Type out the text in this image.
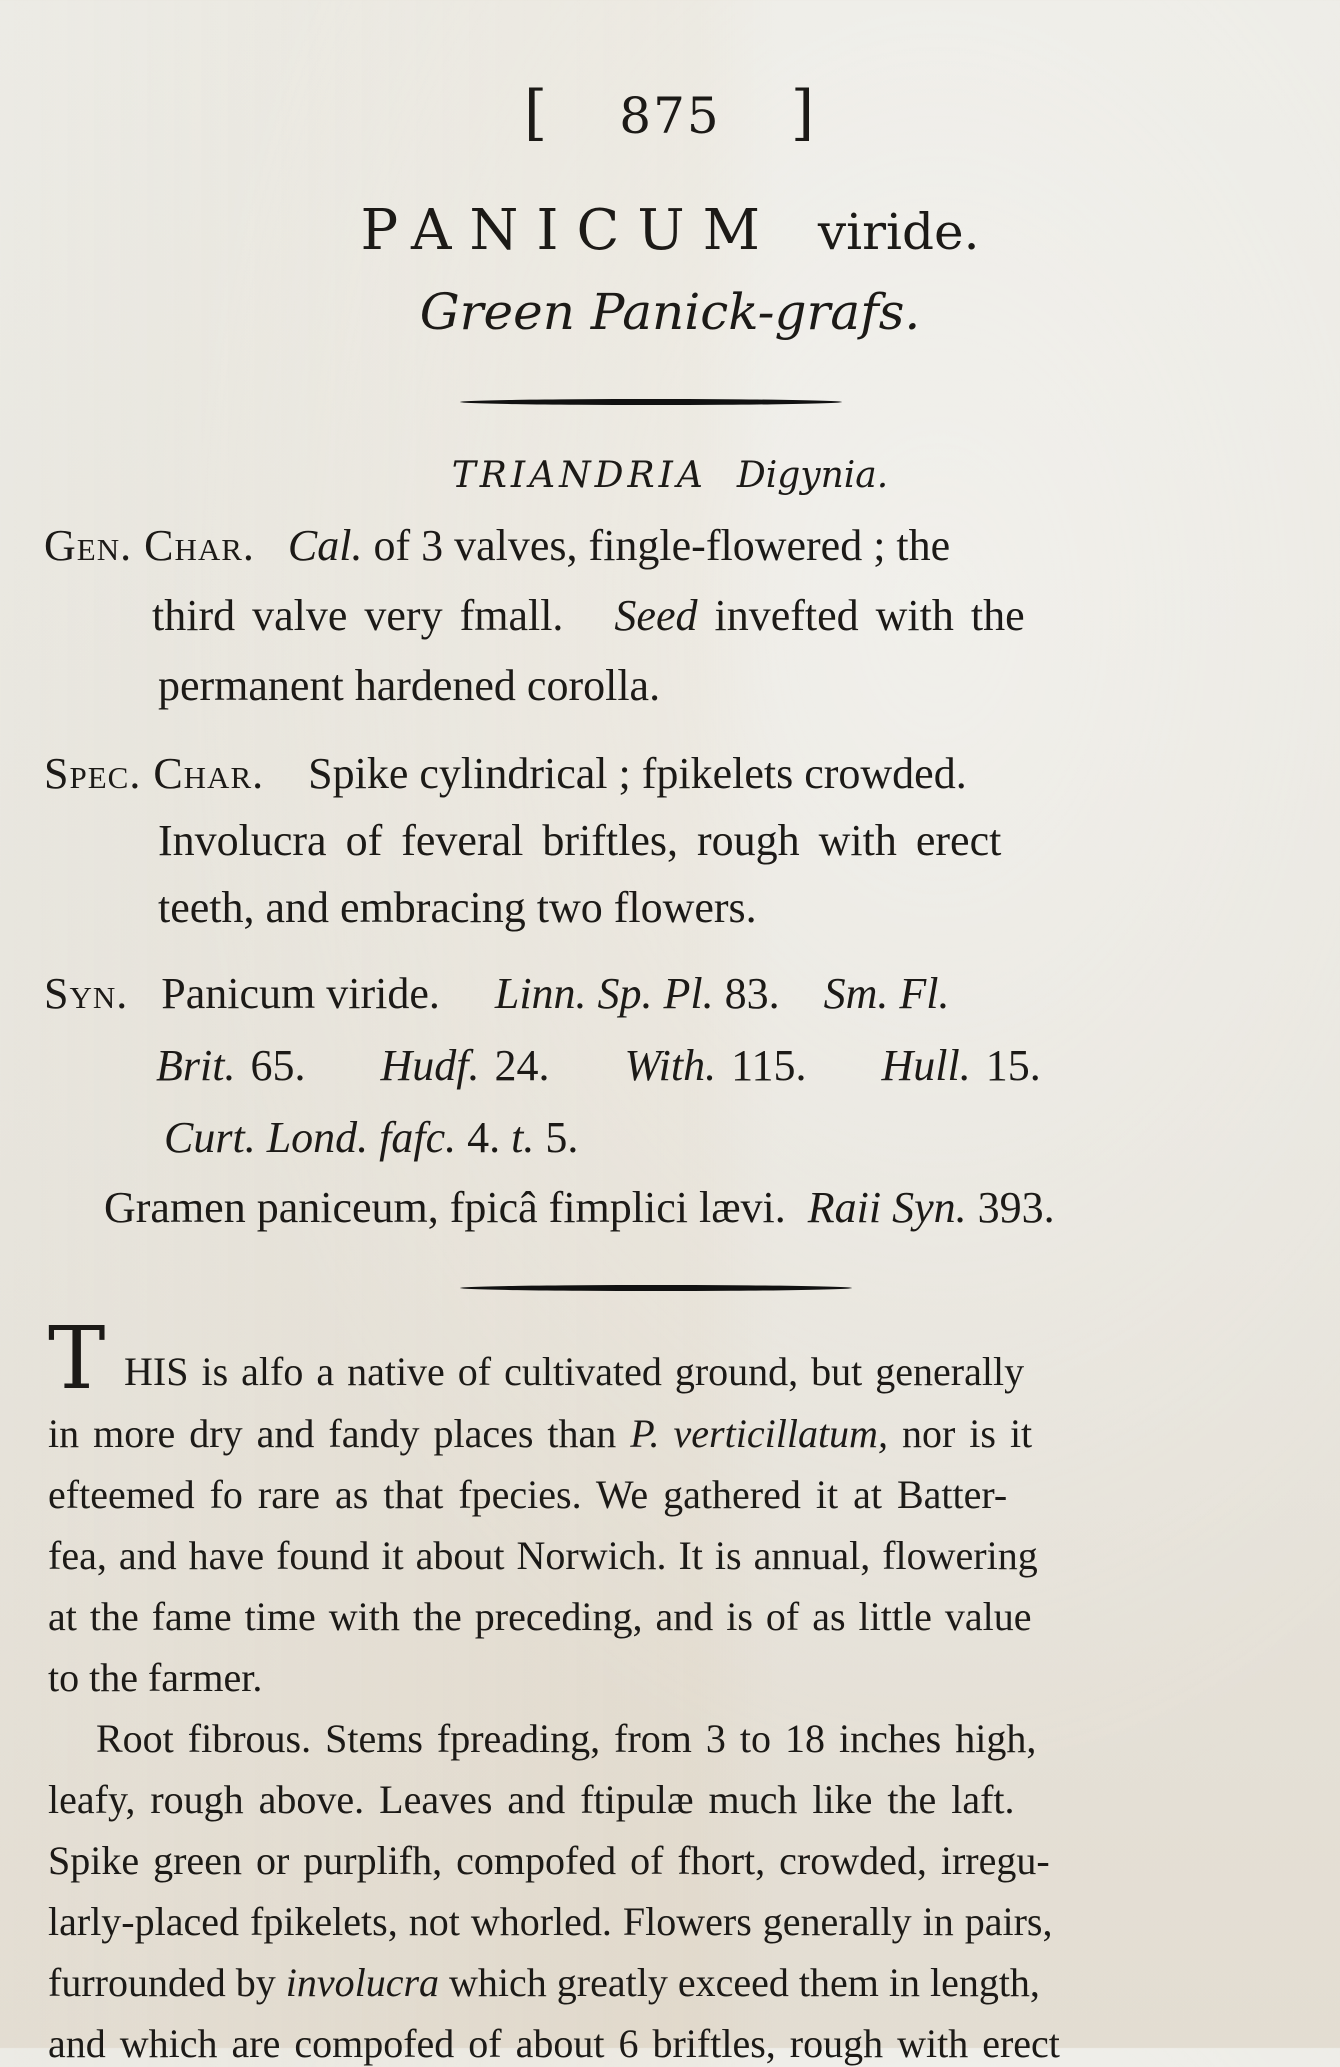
[ 875 ]
PANICUM viride.
Green Panick-grafs.
TRIANDRIA Digynia.
Gen. Char. Cal. of 3 valves, fingle-flowered ; the
third valve very fmall. Seed invefted with the
permanent hardened corolla.
Spec. Char. Spike cylindrical ; fpikelets crowded.
Involucra of feveral briftles, rough with erect
teeth, and embracing two flowers.
Syn. Panicum viride. Linn. Sp. Pl. 83. Sm. Fl.
Brit. 65. Hudf. 24. With. 115. Hull. 15.
Curt. Lond. fafc. 4. t. 5.
Gramen paniceum, fpicâ fimplici lævi. Raii Syn. 393.
T HIS is alfo a native of cultivated ground, but generally
in more dry and fandy places than P. verticillatum, nor is it
efteemed fo rare as that fpecies. We gathered it at Batter-
fea, and have found it about Norwich. It is annual, flowering
at the fame time with the preceding, and is of as little value
to the farmer.
Root fibrous. Stems fpreading, from 3 to 18 inches high,
leafy, rough above. Leaves and ftipulæ much like the laft.
Spike green or purplifh, compofed of fhort, crowded, irregu-
larly-placed fpikelets, not whorled. Flowers generally in pairs,
furrounded by involucra which greatly exceed them in length,
and which are compofed of about 6 briftles, rough with erect
